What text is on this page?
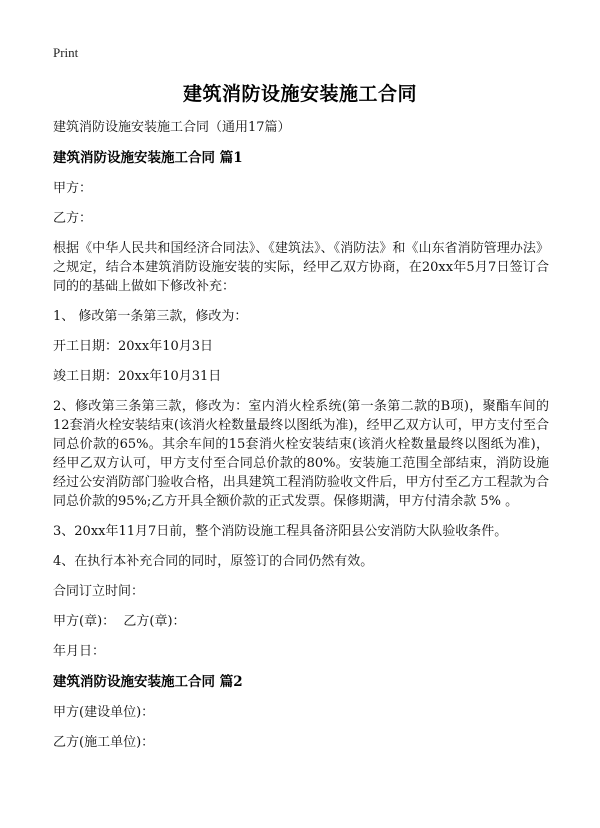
Print
建筑消防设施安装施工合同

建筑消防设施安装施工合同（通用17篇）

建筑消防设施安装施工合同 篇1

甲方：

乙方：

根据《中华人民共和国经济合同法》、《建筑法》、《消防法》和《山东省消防管理办法》之规定，结合本建筑消防设施安装的实际，经甲乙双方协商，在20xx年5月7日签订合同的的基础上做如下修改补充：

1、 修改第一条第三款，修改为：

开工日期：20xx年10月3日

竣工日期：20xx年10月31日

2、修改第三条第三款，修改为：室内消火栓系统(第一条第二款的B项)，聚酯车间的12套消火栓安装结束(该消火栓数量最终以图纸为准)，经甲乙双方认可，甲方支付至合同总价款的65%。其余车间的15套消火栓安装结束(该消火栓数量最终以图纸为准)，经甲乙双方认可，甲方支付至合同总价款的80%。安装施工范围全部结束，消防设施经过公安消防部门验收合格，出具建筑工程消防验收文件后，甲方付至乙方工程款为合同总价款的95%;乙方开具全额价款的正式发票。保修期满，甲方付清余款 5% 。

3、20xx年11月7日前，整个消防设施工程具备济阳县公安消防大队验收条件。

4、在执行本补充合同的同时，原签订的合同仍然有效。

合同订立时间：

甲方(章)：  乙方(章)：

年月日：

建筑消防设施安装施工合同 篇2

甲方(建设单位)：

乙方(施工单位)：
